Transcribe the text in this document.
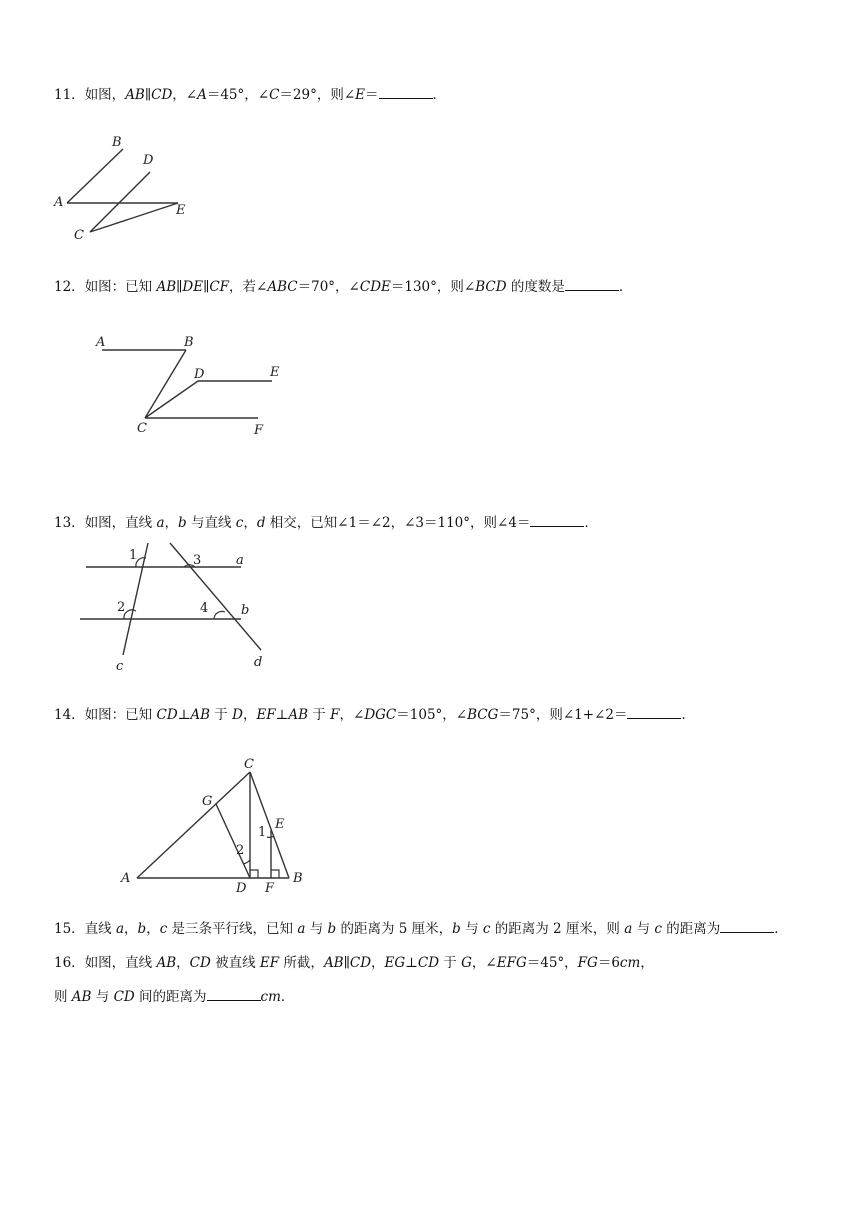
11．如图，AB∥CD，∠A＝45°，∠C＝29°，则∠E＝	．
A
B
D
E
C
12．如图：已知 AB∥DE∥CF，若∠ABC＝70°，∠CDE＝130°，则∠BCD 的度数是	．
A	B
D	E
C	F
13．如图，直线 a，b 与直线 c，d 相交，已知∠1＝∠2，∠3＝110°，则∠4＝	．
1
2
3
4
a
b
c	d
14．如图：已知 CD⊥AB 于 D，EF⊥AB 于 F，∠DGC＝105°，∠BCG＝75°，则∠1+∠2＝	．
A	B
C
D F
G
E
1
2
15．直线 a，b，c 是三条平行线，已知 a 与 b 的距离为 5 厘米，b 与 c 的距离为 2 厘米，则 a 与 c 的距离为	．
16．如图，直线 AB，CD 被直线 EF 所截，AB∥CD，EG⊥CD 于 G，∠EFG＝45°，FG＝6cm，
则 AB 与 CD 间的距离为	cm．
